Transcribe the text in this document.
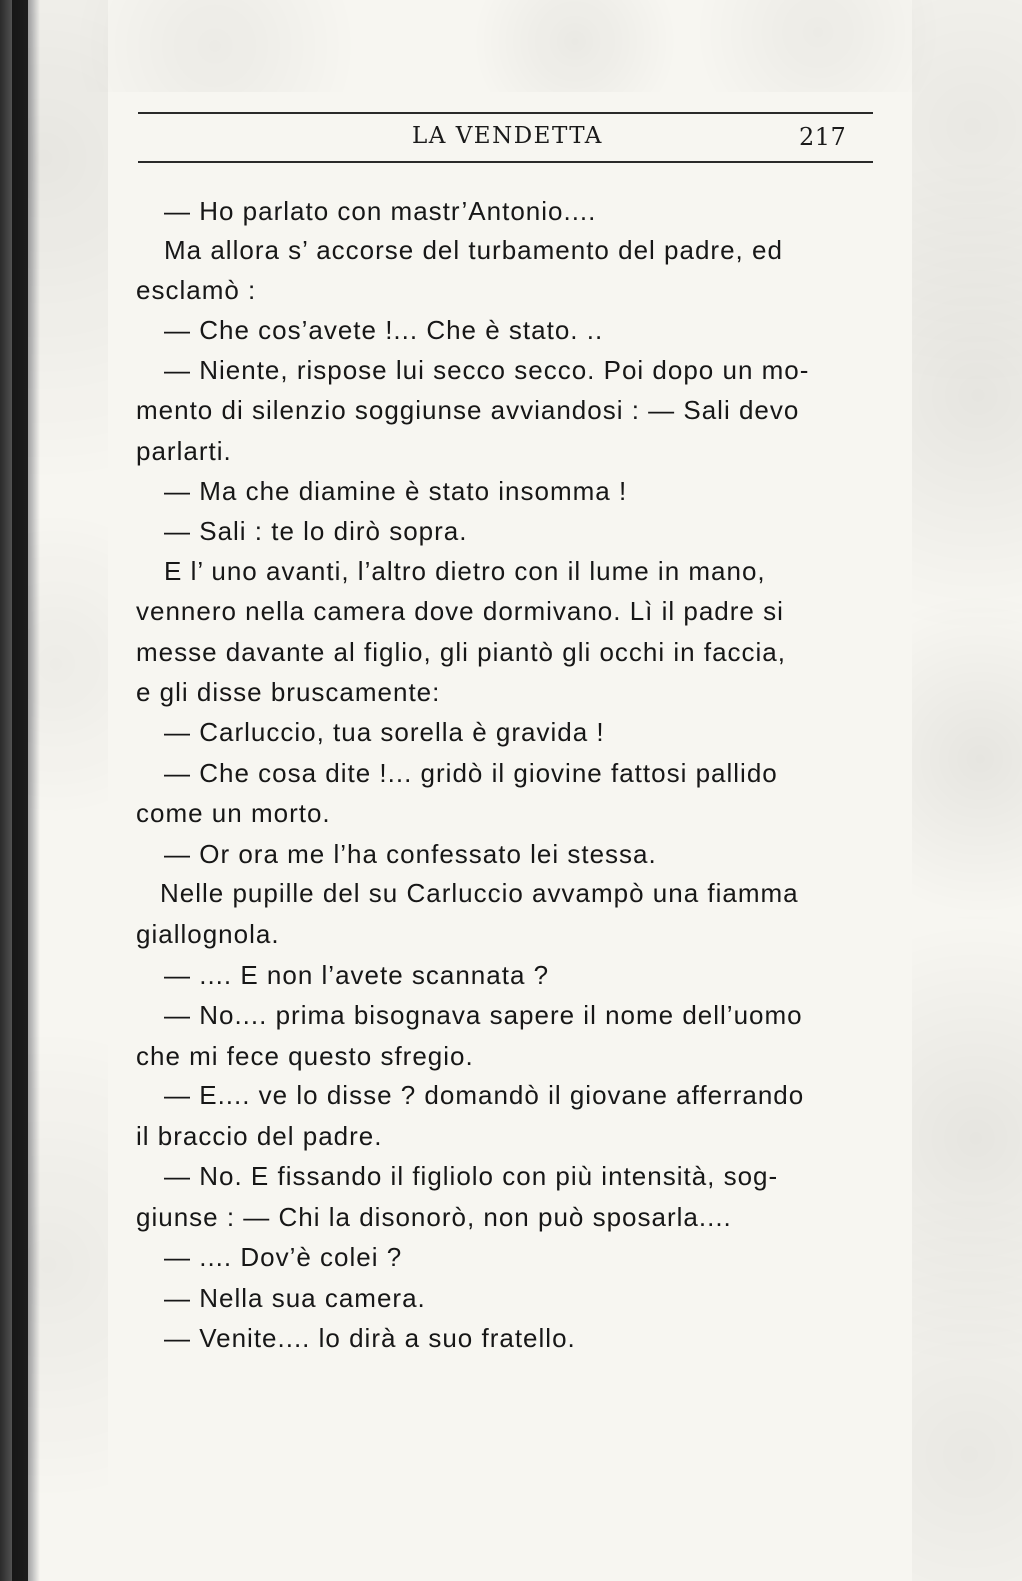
LA VENDETTA	217
— Ho parlato con mastr’Antonio....
Ma allora s’ accorse del turbamento del padre, ed
esclamò :
— Che cos’avete !... Che è stato. ..
— Niente, rispose lui secco secco. Poi dopo un mo-
mento di silenzio soggiunse avviandosi : — Sali devo
parlarti.
— Ma che diamine è stato insomma !
— Sali : te lo dirò sopra.
E l’ uno avanti, l’altro dietro con il lume in mano,
vennero nella camera dove dormivano. Lì il padre si
messe davante al figlio, gli piantò gli occhi in faccia,
e gli disse bruscamente:
— Carluccio, tua sorella è gravida !
— Che cosa dite !... gridò il giovine fattosi pallido
come un morto.
— Or ora me l’ha confessato lei stessa.
Nelle pupille del su Carluccio avvampò una fiamma
giallognola.
— .... E non l’avete scannata ?
— No.... prima bisognava sapere il nome dell’uomo
che mi fece questo sfregio.
— E.... ve lo disse ? domandò il giovane afferrando
il braccio del padre.
— No. E fissando il figliolo con più intensità, sog-
giunse : — Chi la disonorò, non può sposarla....
— .... Dov’è colei ?
— Nella sua camera.
— Venite.... lo dirà a suo fratello.
